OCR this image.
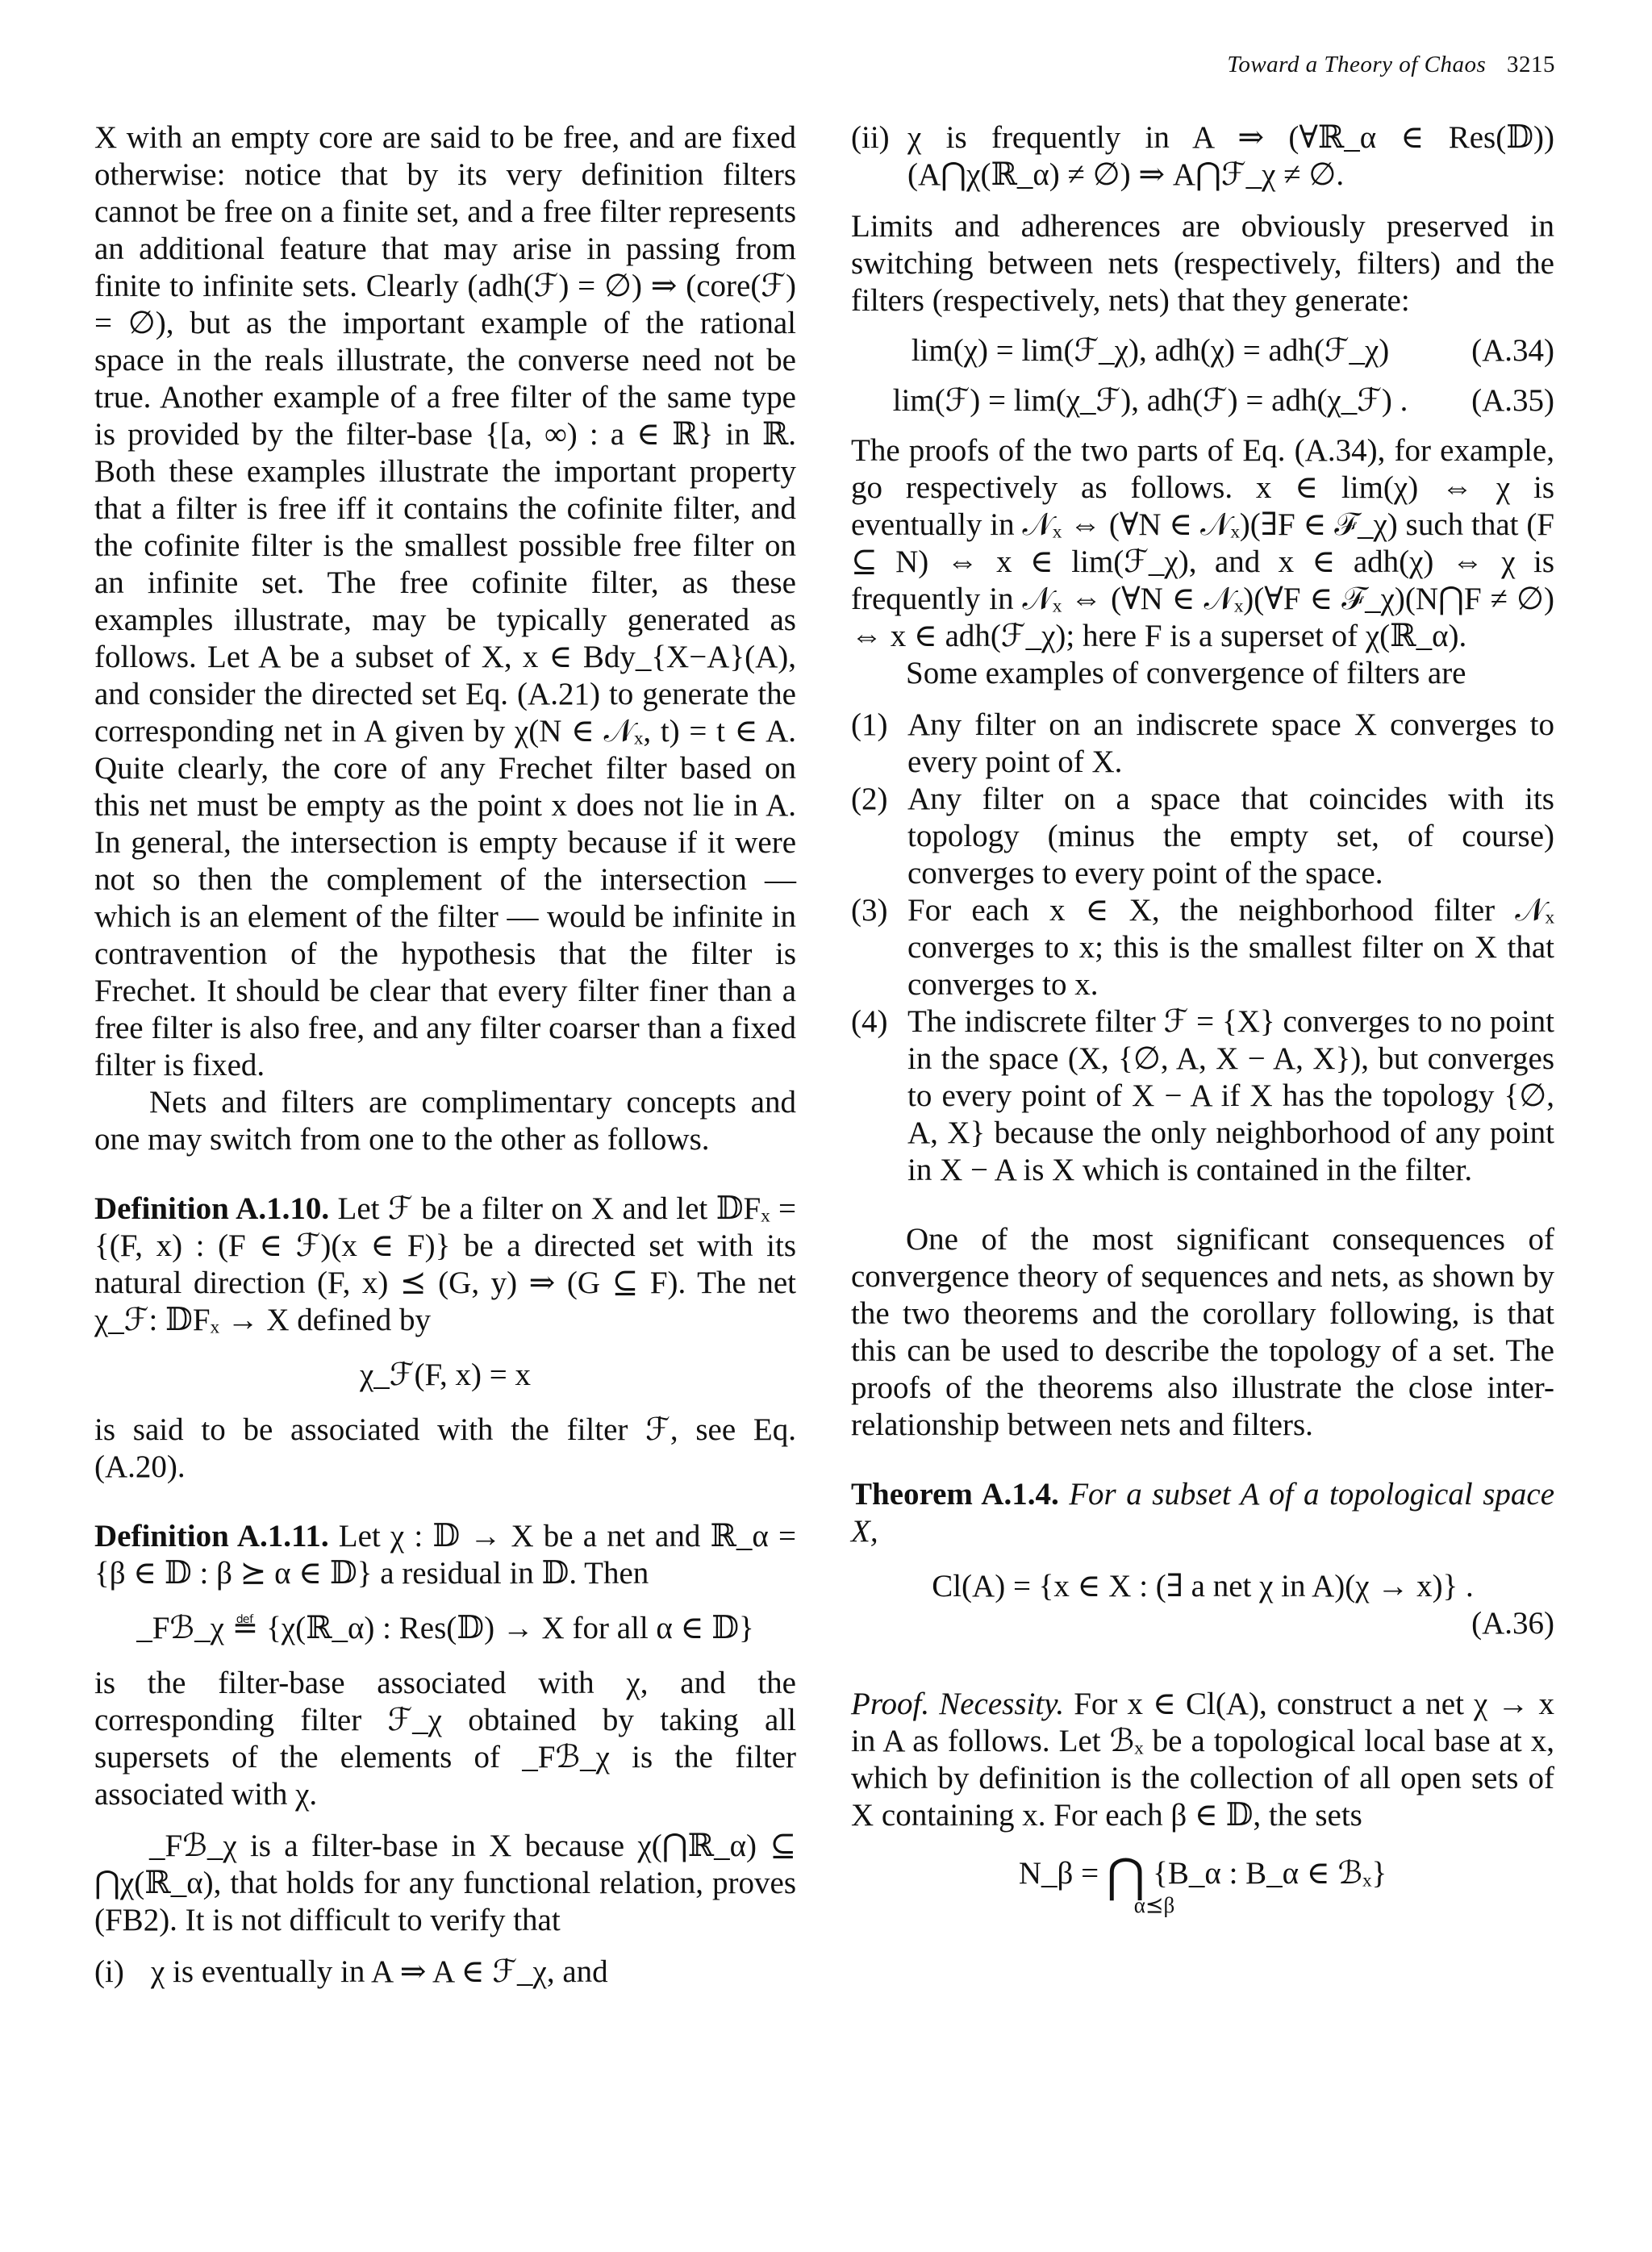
Toward a Theory of Chaos 3215

X with an empty core are said to be free, and are fixed otherwise: notice that by its very definition filters cannot be free on a finite set, and a free filter represents an additional feature that may arise in passing from finite to infinite sets. Clearly (adh(ℱ) = ∅) ⇒ (core(ℱ) = ∅), but as the important example of the rational space in the reals illustrate, the converse need not be true. Another example of a free filter of the same type is provided by the filter-base {[a, ∞) : a ∈ ℝ} in ℝ. Both these examples illustrate the important property that a filter is free iff it contains the cofinite filter, and the cofinite filter is the smallest possible free filter on an infinite set. The free cofinite filter, as these examples illustrate, may be typically generated as follows. Let A be a subset of X, x ∈ Bdy_{X−A}(A), and consider the directed set Eq. (A.21) to generate the corresponding net in A given by χ(N ∈ 𝒩ₓ, t) = t ∈ A. Quite clearly, the core of any Frechet filter based on this net must be empty as the point x does not lie in A. In general, the intersection is empty because if it were not so then the complement of the intersection — which is an element of the filter — would be infinite in contravention of the hypothesis that the filter is Frechet. It should be clear that every filter finer than a free filter is also free, and any filter coarser than a fixed filter is fixed.

Nets and filters are complimentary concepts and one may switch from one to the other as follows.

Definition A.1.10. Let ℱ be a filter on X and let 𝔻Fₓ = {(F, x) : (F ∈ ℱ)(x ∈ F)} be a directed set with its natural direction (F, x) ⪯ (G, y) ⇒ (G ⊆ F). The net χ_ℱ: 𝔻Fₓ → X defined by

χ_ℱ(F, x) = x

is said to be associated with the filter ℱ, see Eq. (A.20).

Definition A.1.11. Let χ : 𝔻 → X be a net and ℝ_α = {β ∈ 𝔻 : β ⪰ α ∈ 𝔻} a residual in 𝔻. Then

_Fℬ_χ ≝ {χ(ℝ_α) : Res(𝔻) → X for all α ∈ 𝔻}

is the filter-base associated with χ, and the corresponding filter ℱ_χ obtained by taking all supersets of the elements of _Fℬ_χ is the filter associated with χ.

_Fℬ_χ is a filter-base in X because χ(⋂ℝ_α) ⊆ ⋂χ(ℝ_α), that holds for any functional relation, proves (FB2). It is not difficult to verify that

(i) χ is eventually in A ⇒ A ∈ ℱ_χ, and
(ii) χ is frequently in A ⇒ (∀ℝ_α ∈ Res(𝔻)) (A⋂χ(ℝ_α) ≠ ∅) ⇒ A⋂ℱ_χ ≠ ∅.

Limits and adherences are obviously preserved in switching between nets (respectively, filters) and the filters (respectively, nets) that they generate:

lim(χ) = lim(ℱ_χ), adh(χ) = adh(ℱ_χ)	(A.34)
lim(ℱ) = lim(χ_ℱ), adh(ℱ) = adh(χ_ℱ) .	(A.35)

The proofs of the two parts of Eq. (A.34), for example, go respectively as follows. x ∈ lim(χ) ⇔ χ is eventually in 𝒩ₓ ⇔ (∀N ∈ 𝒩ₓ)(∃F ∈ ℱ_χ) such that (F ⊆ N) ⇔ x ∈ lim(ℱ_χ), and x ∈ adh(χ) ⇔ χ is frequently in 𝒩ₓ ⇔ (∀N ∈ 𝒩ₓ)(∀F ∈ ℱ_χ)(N⋂F ≠ ∅) ⇔ x ∈ adh(ℱ_χ); here F is a superset of χ(ℝ_α).

Some examples of convergence of filters are

(1) Any filter on an indiscrete space X converges to every point of X.
(2) Any filter on a space that coincides with its topology (minus the empty set, of course) converges to every point of the space.
(3) For each x ∈ X, the neighborhood filter 𝒩ₓ converges to x; this is the smallest filter on X that converges to x.
(4) The indiscrete filter ℱ = {X} converges to no point in the space (X, {∅, A, X − A, X}), but converges to every point of X − A if X has the topology {∅, A, X} because the only neighborhood of any point in X − A is X which is contained in the filter.

One of the most significant consequences of convergence theory of sequences and nets, as shown by the two theorems and the corollary following, is that this can be used to describe the topology of a set. The proofs of the theorems also illustrate the close inter-relationship between nets and filters.

Theorem A.1.4. For a subset A of a topological space X,

Cl(A) = {x ∈ X : (∃ a net χ in A)(χ → x)} .
(A.36)

Proof. Necessity. For x ∈ Cl(A), construct a net χ → x in A as follows. Let ℬₓ be a topological local base at x, which by definition is the collection of all open sets of X containing x. For each β ∈ 𝔻, the sets

N_β = ⋂ {B_α : B_α ∈ ℬₓ}
α⪯β
